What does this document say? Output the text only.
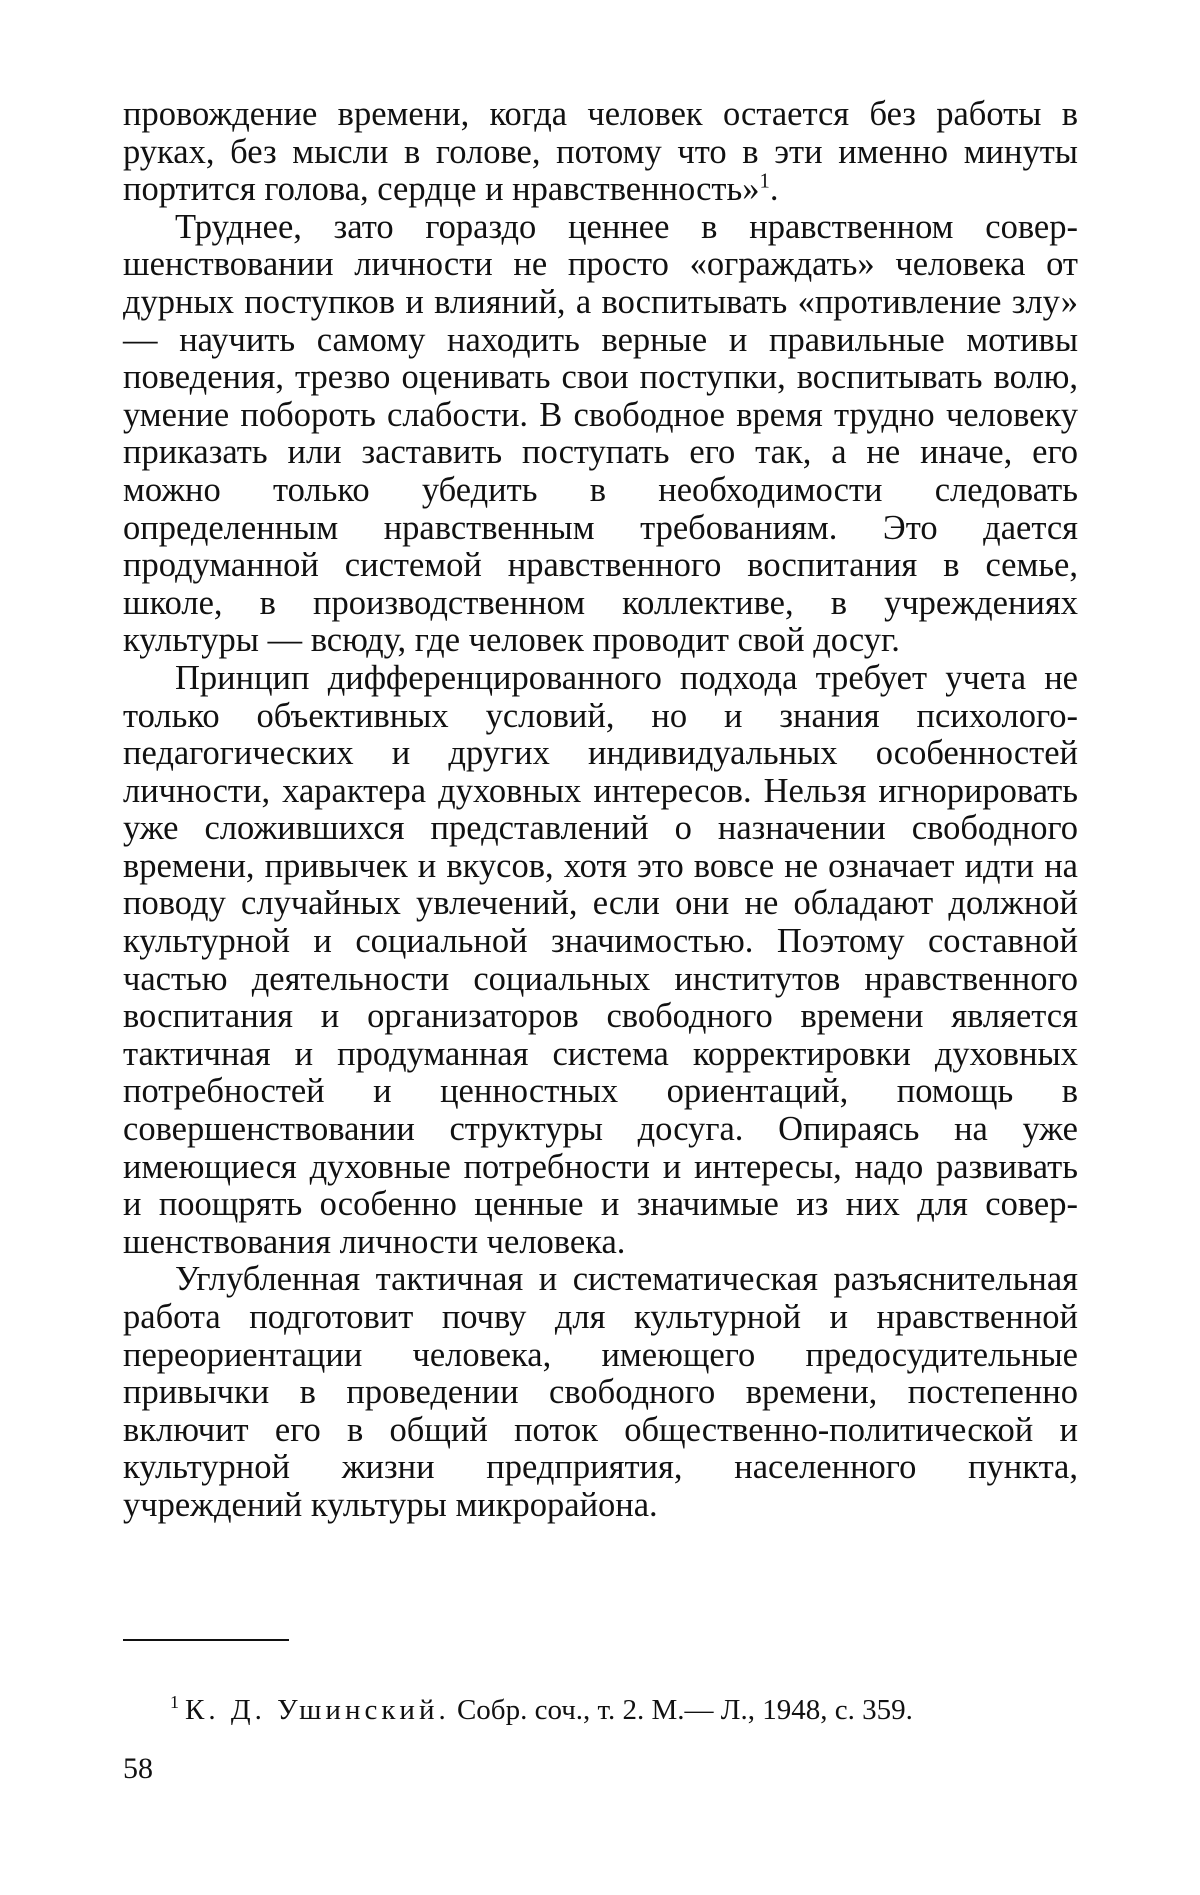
провождение времени, когда человек остается без работы в руках, без мысли в голове, потому что в эти именно минуты портится голова, сердце и нравственность»$^1$.

Труднее, зато гораздо ценнее в нравственном совершенствовании личности не просто «ограждать» человека от дурных поступков и влияний, а воспитывать «противление злу» — научить самому находить верные и правильные мотивы поведения, трезво оценивать свои поступки, воспитывать волю, умение побороть слабости. В свободное время трудно человеку приказать или заставить поступать его так, а не иначе, его можно только убедить в необходимости следовать определенным нравственным требованиям. Это дается продуманной системой нравственного воспитания в семье, школе, в производственном коллективе, в учреждениях культуры — всюду, где человек проводит свой досуг.

Принцип дифференцированного подхода требует учета не только объективных условий, но и знания психолого-педагогических и других индивидуальных особенностей личности, характера духовных интересов. Нельзя игнорировать уже сложившихся представлений о назначении свободного времени, привычек и вкусов, хотя это вовсе не означает идти на поводу случайных увлечений, если они не обладают должной культурной и социальной значимостью. Поэтому составной частью деятельности социальных институтов нравственного воспитания и организаторов свободного времени является тактичная и продуманная система корректировки духовных потребностей и ценностных ориентаций, помощь в совершенствовании структуры досуга. Опираясь на уже имеющиеся духовные потребности и интересы, надо развивать и поощрять особенно ценные и значимые из них для совершенствования личности человека.

Углубленная тактичная и систематическая разъяснительная работа подготовит почву для культурной и нравственной переориентации человека, имеющего предосудительные привычки в проведении свободного времени, постепенно включит его в общий поток общественно-политической и культурной жизни предприятия, населенного пункта, учреждений культуры микрорайона.

$^1$ К. Д. Ушинский. Собр. соч., т. 2. М.— Л., 1948, с. 359.
58
